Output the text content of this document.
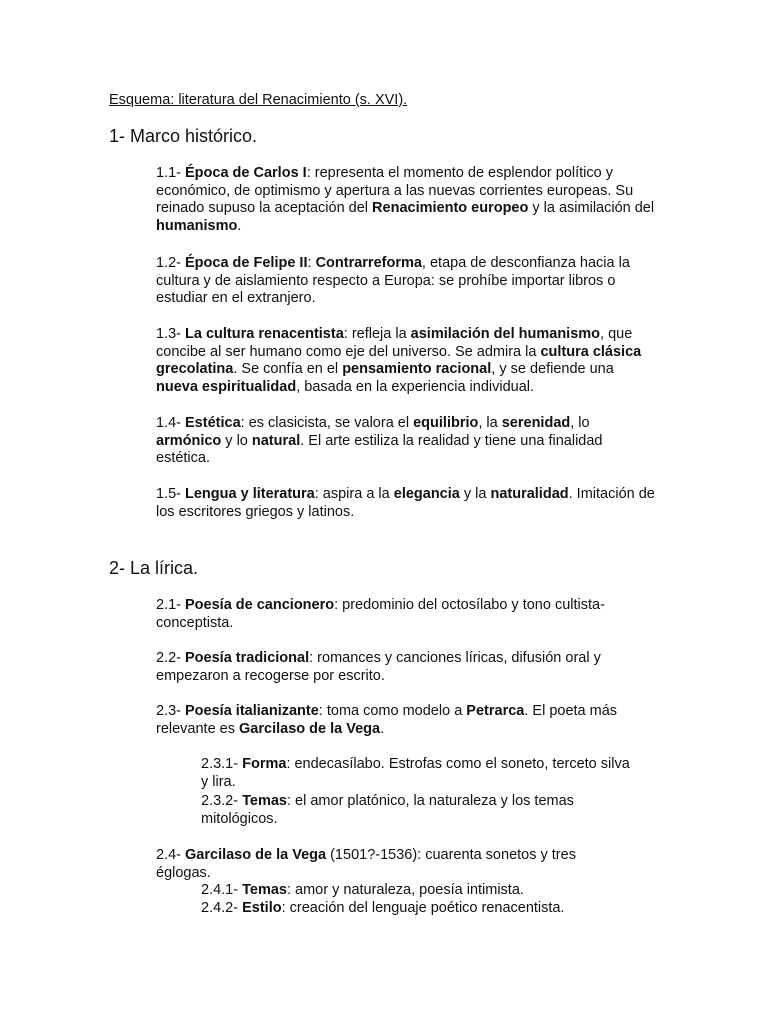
Esquema: literatura del Renacimiento (s. XVI).
1- Marco histórico.
1.1- Época de Carlos I: representa el momento de esplendor político y económico, de optimismo y apertura a las nuevas corrientes europeas. Su reinado supuso la aceptación del Renacimiento europeo y la asimilación del humanismo.
1.2- Época de Felipe II: Contrarreforma, etapa de desconfianza hacia la cultura y de aislamiento respecto a Europa: se prohíbe importar libros o estudiar en el extranjero.
1.3- La cultura renacentista: refleja la asimilación del humanismo, que concibe al ser humano como eje del universo. Se admira la cultura clásica grecolatina. Se confía en el pensamiento racional, y se defiende una nueva espiritualidad, basada en la experiencia individual.
1.4- Estética: es clasicista, se valora el equilibrio, la serenidad, lo armónico y lo natural. El arte estiliza la realidad y tiene una finalidad estética.
1.5- Lengua y literatura: aspira a la elegancia y la naturalidad. Imitación de los escritores griegos y latinos.
2- La lírica.
2.1- Poesía de cancionero: predominio del octosílabo y tono cultista-conceptista.
2.2- Poesía tradicional: romances y canciones líricas, difusión oral y empezaron a recogerse por escrito.
2.3- Poesía italianizante: toma como modelo a Petrarca. El poeta más relevante es Garcilaso de la Vega.
2.3.1- Forma: endecasílabo. Estrofas como el soneto, terceto silva y lira.
2.3.2- Temas: el amor platónico, la naturaleza y los temas mitológicos.
2.4- Garcilaso de la Vega (1501?-1536): cuarenta sonetos y tres églogas.
2.4.1- Temas: amor y naturaleza, poesía intimista.
2.4.2- Estilo: creación del lenguaje poético renacentista.
